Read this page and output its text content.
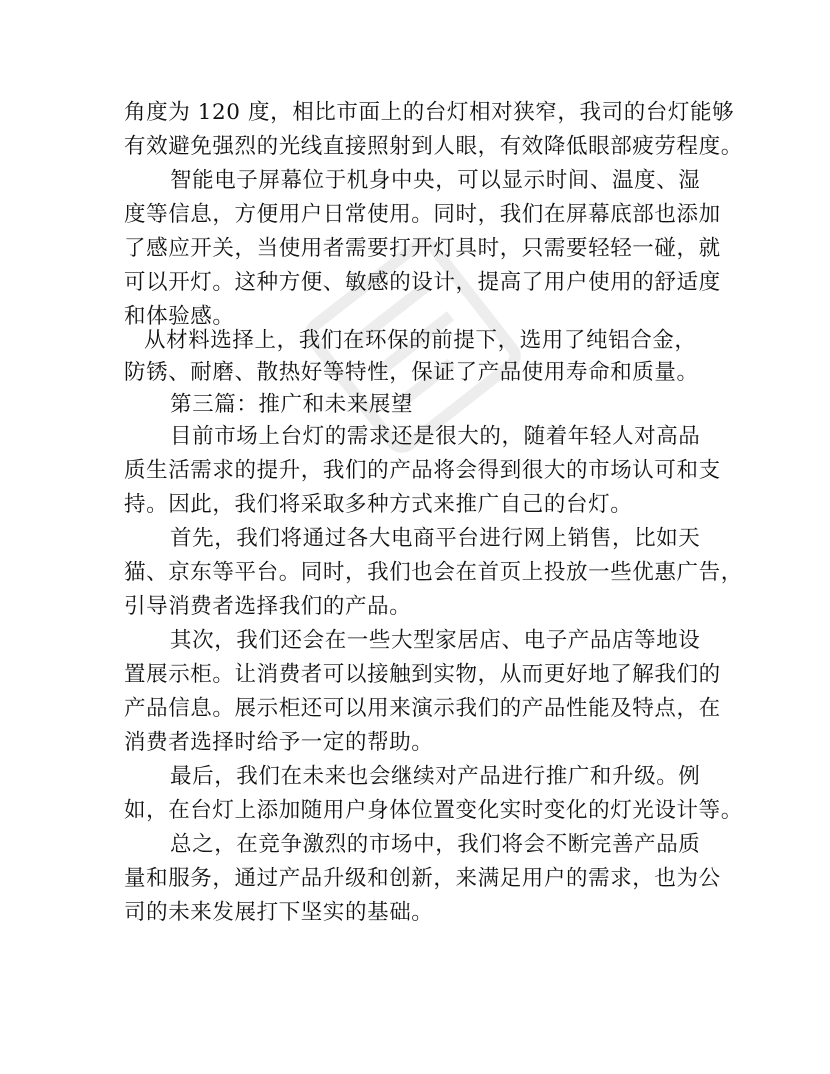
角度为 120 度，相比市面上的台灯相对狭窄，我司的台灯能够
有效避免强烈的光线直接照射到人眼，有效降低眼部疲劳程度。
智能电子屏幕位于机身中央，可以显示时间、温度、湿
度等信息，方便用户日常使用。同时，我们在屏幕底部也添加
了感应开关，当使用者需要打开灯具时，只需要轻轻一碰，就
可以开灯。这种方便、敏感的设计，提高了用户使用的舒适度
和体验感。
从材料选择上，我们在环保的前提下，选用了纯铝合金，
防锈、耐磨、散热好等特性，保证了产品使用寿命和质量。
第三篇：推广和未来展望
目前市场上台灯的需求还是很大的，随着年轻人对高品
质生活需求的提升，我们的产品将会得到很大的市场认可和支
持。因此，我们将采取多种方式来推广自己的台灯。
首先，我们将通过各大电商平台进行网上销售，比如天
猫、京东等平台。同时，我们也会在首页上投放一些优惠广告，
引导消费者选择我们的产品。
其次，我们还会在一些大型家居店、电子产品店等地设
置展示柜。让消费者可以接触到实物，从而更好地了解我们的
产品信息。展示柜还可以用来演示我们的产品性能及特点，在
消费者选择时给予一定的帮助。
最后，我们在未来也会继续对产品进行推广和升级。例
如，在台灯上添加随用户身体位置变化实时变化的灯光设计等。
总之，在竞争激烈的市场中，我们将会不断完善产品质
量和服务，通过产品升级和创新，来满足用户的需求，也为公
司的未来发展打下坚实的基础。
